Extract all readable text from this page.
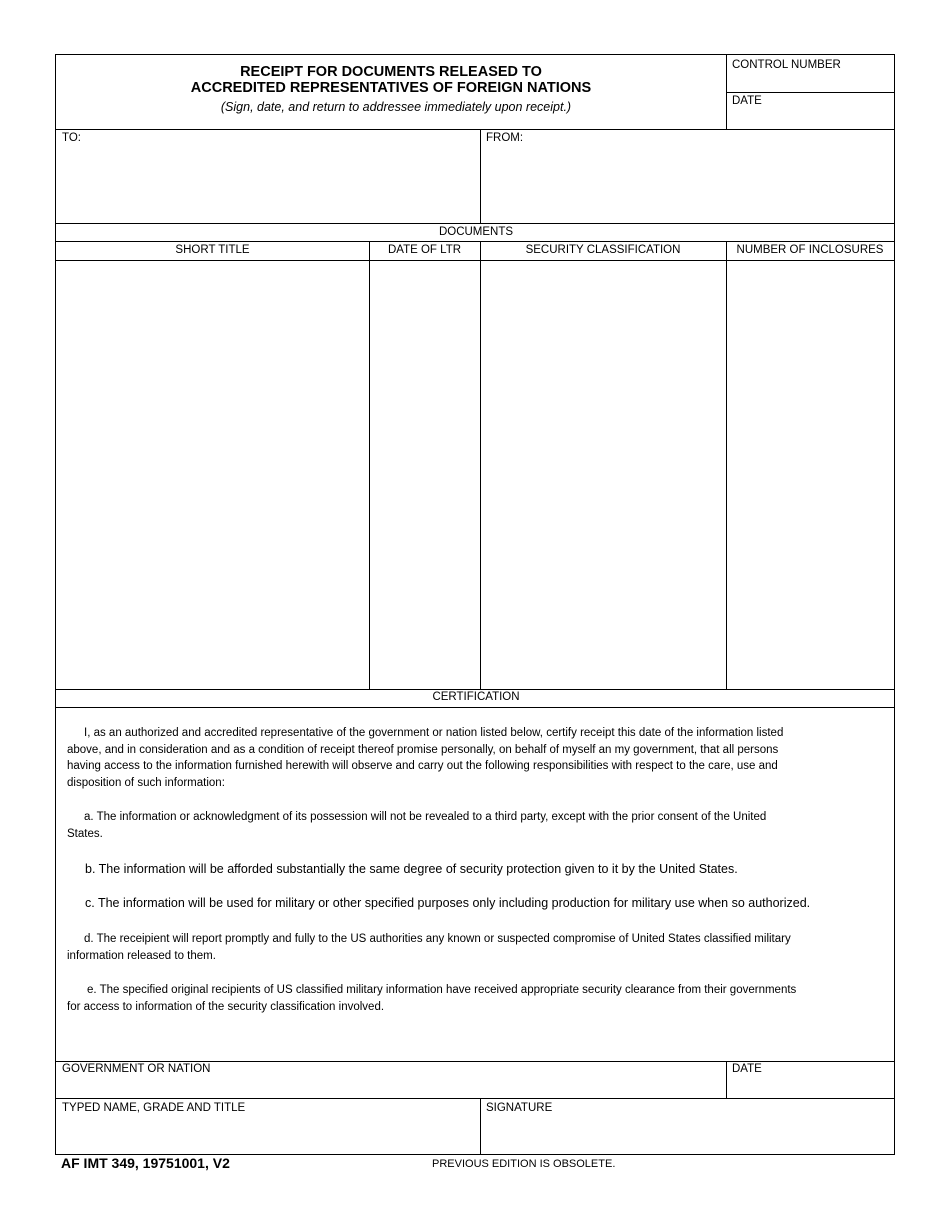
RECEIPT FOR DOCUMENTS RELEASED TO
ACCREDITED REPRESENTATIVES OF FOREIGN NATIONS
(Sign, date, and return to addressee immediately upon receipt.)
CONTROL NUMBER
DATE
TO:	FROM:
DOCUMENTS
SHORT TITLE	DATE OF LTR	SECURITY CLASSIFICATION	NUMBER OF INCLOSURES
CERTIFICATION
I, as an authorized and accredited representative of the government or nation listed below, certify receipt this date of the information listed above, and in consideration and as a condition of receipt thereof promise personally, on behalf of myself an my government, that all persons having access to the information furnished herewith will observe and carry out the following responsibilities with respect to the care, use and disposition of such information:
a. The information or acknowledgment of its possession will not be revealed to a third party, except with the prior consent of the United States.
b. The information will be afforded substantially the same degree of security protection given to it by the United States.
c. The information will be used for military or other specified purposes only including production for military use when so authorized.
d. The receipient will report promptly and fully to the US authorities any known or suspected compromise of United States classified military information released to them.
e. The specified original recipients of US classified military information have received appropriate security clearance from their governments for access to information of the security classification involved.
GOVERNMENT OR NATION	DATE
TYPED NAME, GRADE AND TITLE	SIGNATURE
AF IMT 349, 19751001, V2	PREVIOUS EDITION IS OBSOLETE.
